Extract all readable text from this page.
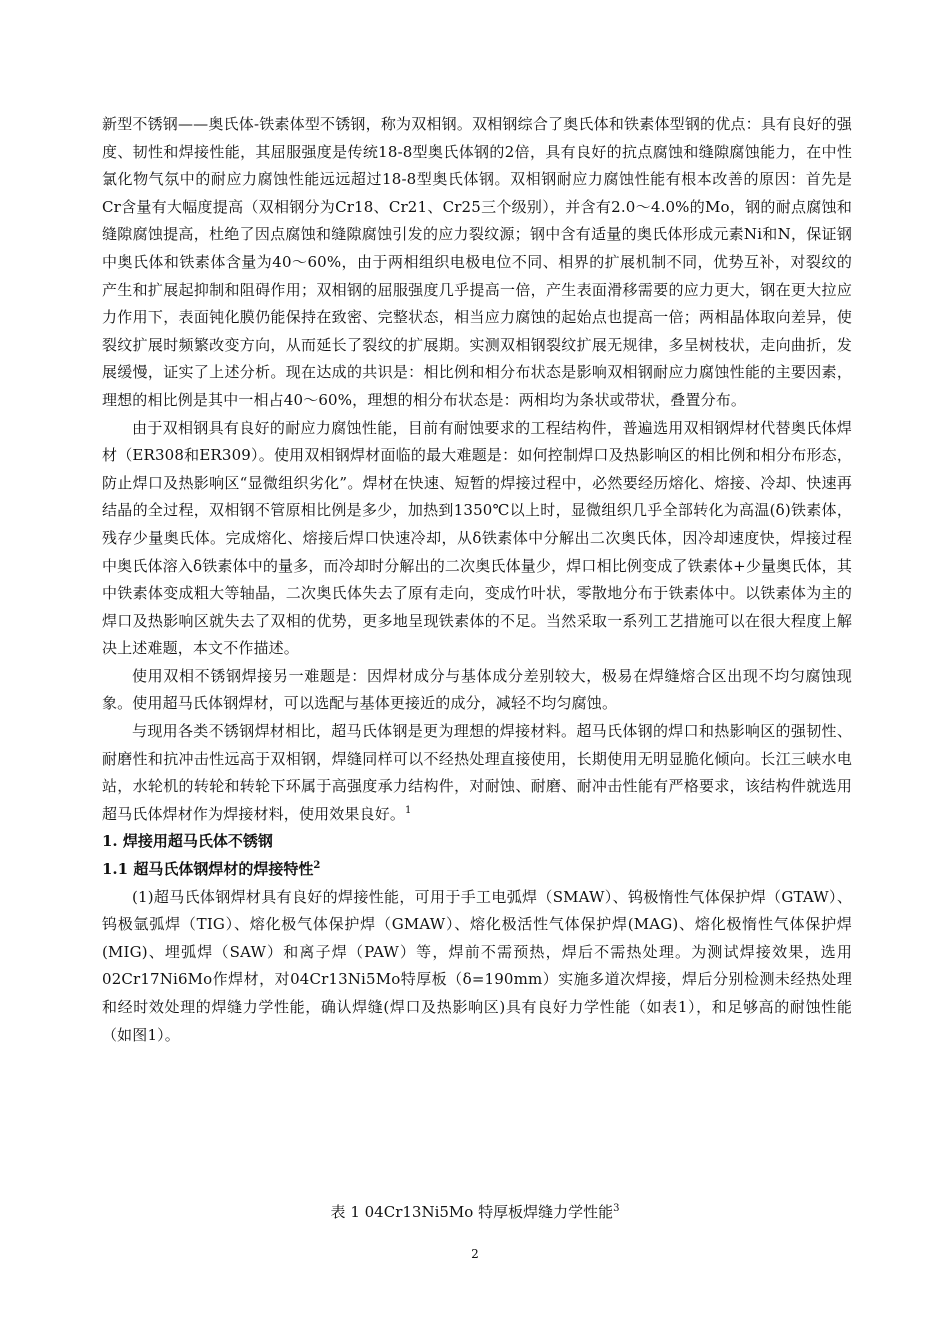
新型不锈钢——奥氏体-铁素体型不锈钢，称为双相钢。双相钢综合了奥氏体和铁素体型钢的优点：具有良好的强度、韧性和焊接性能，其屈服强度是传统18-8型奥氏体钢的2倍，具有良好的抗点腐蚀和缝隙腐蚀能力，在中性氯化物气氛中的耐应力腐蚀性能远远超过18-8型奥氏体钢。双相钢耐应力腐蚀性能有根本改善的原因：首先是Cr含量有大幅度提高（双相钢分为Cr18、Cr21、Cr25三个级别），并含有2.0～4.0%的Mo，钢的耐点腐蚀和缝隙腐蚀提高，杜绝了因点腐蚀和缝隙腐蚀引发的应力裂纹源；钢中含有适量的奥氏体形成元素Ni和N，保证钢中奥氏体和铁素体含量为40～60%，由于两相组织电极电位不同、相界的扩展机制不同，优势互补，对裂纹的产生和扩展起抑制和阻碍作用；双相钢的屈服强度几乎提高一倍，产生表面滑移需要的应力更大，钢在更大拉应力作用下，表面钝化膜仍能保持在致密、完整状态，相当应力腐蚀的起始点也提高一倍；两相晶体取向差异，使裂纹扩展时频繁改变方向，从而延长了裂纹的扩展期。实测双相钢裂纹扩展无规律，多呈树枝状，走向曲折，发展缓慢，证实了上述分析。现在达成的共识是：相比例和相分布状态是影响双相钢耐应力腐蚀性能的主要因素，理想的相比例是其中一相占40～60%，理想的相分布状态是：两相均为条状或带状，叠置分布。

由于双相钢具有良好的耐应力腐蚀性能，目前有耐蚀要求的工程结构件，普遍选用双相钢焊材代替奥氏体焊材（ER308和ER309）。使用双相钢焊材面临的最大难题是：如何控制焊口及热影响区的相比例和相分布形态，防止焊口及热影响区“显微组织劣化”。焊材在快速、短暂的焊接过程中，必然要经历熔化、熔接、冷却、快速再结晶的全过程，双相钢不管原相比例是多少，加热到1350℃以上时，显微组织几乎全部转化为高温(δ)铁素体，残存少量奥氏体。完成熔化、熔接后焊口快速冷却，从δ铁素体中分解出二次奥氏体，因冷却速度快，焊接过程中奥氏体溶入δ铁素体中的量多，而冷却时分解出的二次奥氏体量少，焊口相比例变成了铁素体+少量奥氏体，其中铁素体变成粗大等轴晶，二次奥氏体失去了原有走向，变成竹叶状，零散地分布于铁素体中。以铁素体为主的焊口及热影响区就失去了双相的优势，更多地呈现铁素体的不足。当然采取一系列工艺措施可以在很大程度上解决上述难题，本文不作描述。

使用双相不锈钢焊接另一难题是：因焊材成分与基体成分差别较大，极易在焊缝熔合区出现不均匀腐蚀现象。使用超马氏体钢焊材，可以选配与基体更接近的成分，减轻不均匀腐蚀。

与现用各类不锈钢焊材相比，超马氏体钢是更为理想的焊接材料。超马氏体钢的焊口和热影响区的强韧性、耐磨性和抗冲击性远高于双相钢，焊缝同样可以不经热处理直接使用，长期使用无明显脆化倾向。长江三峡水电站，水轮机的转轮和转轮下环属于高强度承力结构件，对耐蚀、耐磨、耐冲击性能有严格要求，该结构件就选用超马氏体焊材作为焊接材料，使用效果良好。$^1$

1. 焊接用超马氏体不锈钢
1.1 超马氏体钢焊材的焊接特性$^2$

(1)超马氏体钢焊材具有良好的焊接性能，可用于手工电弧焊（SMAW）、钨极惰性气体保护焊（GTAW）、钨极氩弧焊（TIG）、熔化极气体保护焊（GMAW）、熔化极活性气体保护焊(MAG)、熔化极惰性气体保护焊(MIG)、埋弧焊（SAW）和离子焊（PAW）等，焊前不需预热，焊后不需热处理。为测试焊接效果，选用02Cr17Ni6Mo作焊材，对04Cr13Ni5Mo特厚板（δ=190mm）实施多道次焊接，焊后分别检测未经热处理和经时效处理的焊缝力学性能，确认焊缝(焊口及热影响区)具有良好力学性能（如表1），和足够高的耐蚀性能（如图1）。

表 1 04Cr13Ni5Mo 特厚板焊缝力学性能$^3$
2
